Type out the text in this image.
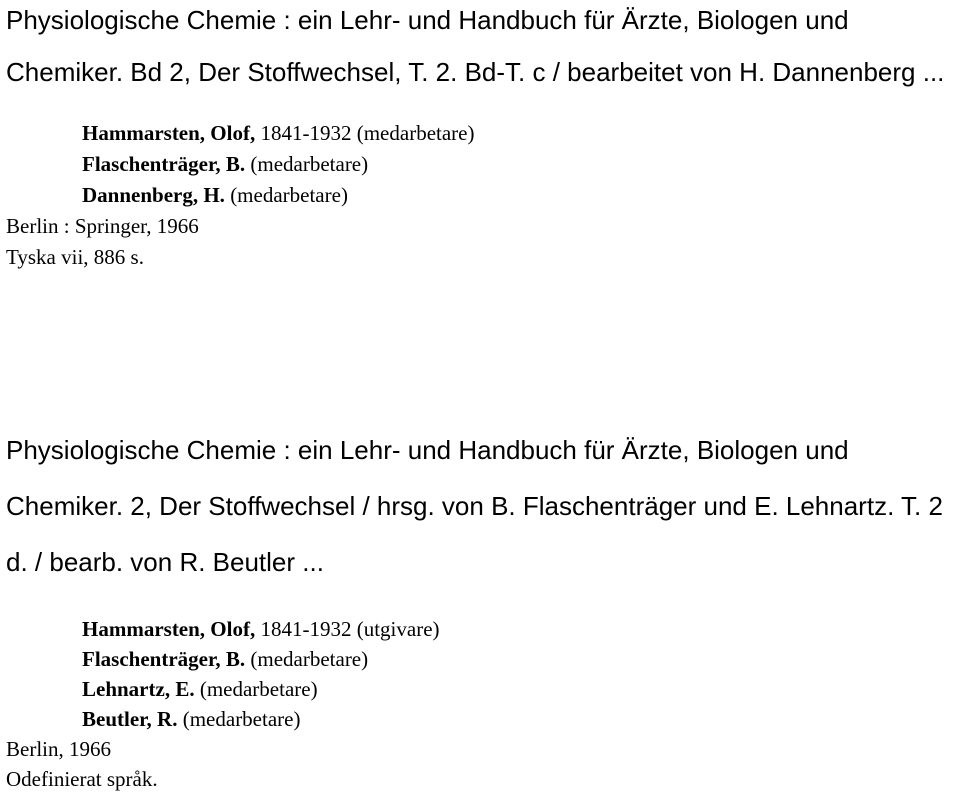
Physiologische Chemie : ein Lehr- und Handbuch für Ärzte, Biologen und Chemiker. Bd 2, Der Stoffwechsel, T. 2. Bd-T. c / bearbeitet von H. Dannenberg ...

Hammarsten, Olof, 1841-1932 (medarbetare)
Flaschenträger, B. (medarbetare)
Dannenberg, H. (medarbetare)

Berlin : Springer, 1966

Tyska vii, 886 s.

Physiologische Chemie : ein Lehr- und Handbuch für Ärzte, Biologen und Chemiker. 2, Der Stoffwechsel / hrsg. von B. Flaschenträger und E. Lehnartz. T. 2 d. / bearb. von R. Beutler ...

Hammarsten, Olof, 1841-1932 (utgivare)
Flaschenträger, B. (medarbetare)
Lehnartz, E. (medarbetare)
Beutler, R. (medarbetare)

Berlin, 1966

Odefinierat språk.
